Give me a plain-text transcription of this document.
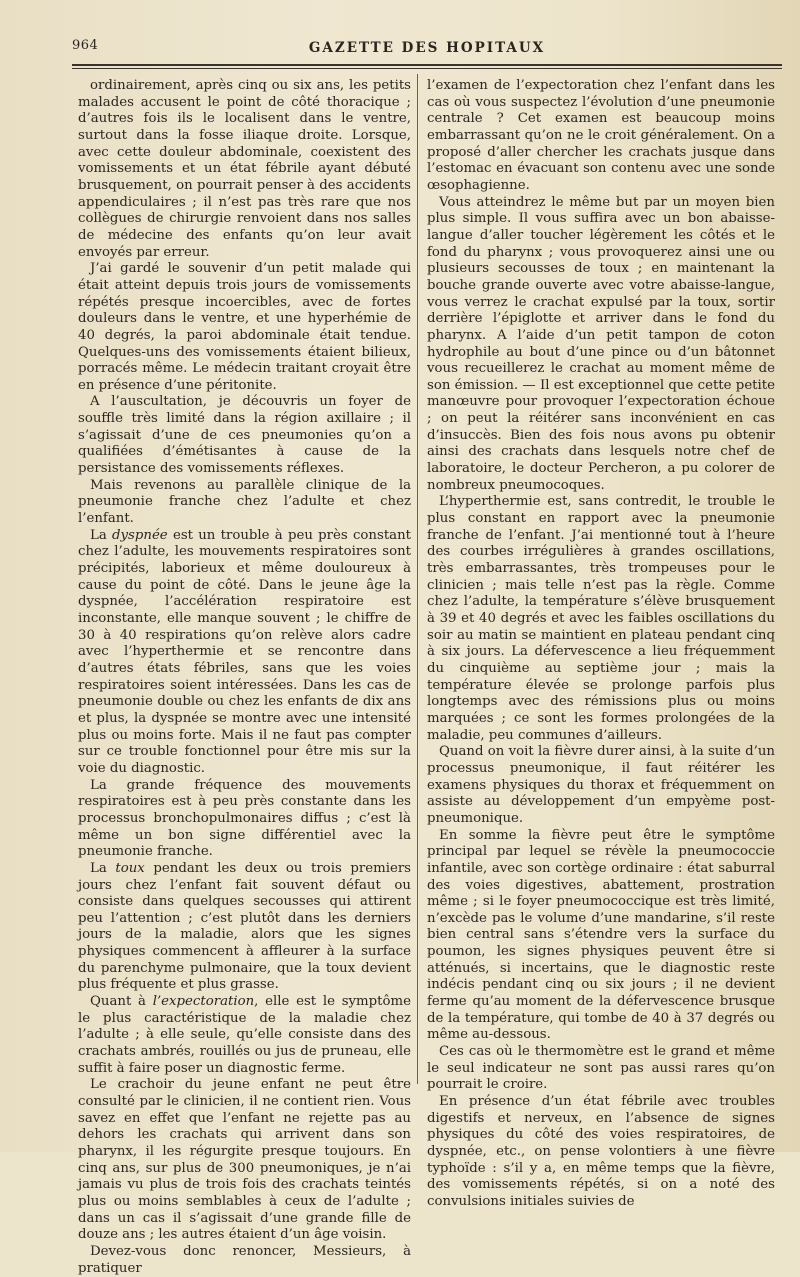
964	GAZETTE DES HOPITAUX

ordinairement, après cinq ou six ans, les petits malades accusent le point de côté thoracique ; d’autres fois ils le localisent dans le ventre, surtout dans la fosse iliaque droite. Lorsque, avec cette douleur abdominale, coexistent des vomissements et un état fébrile ayant débuté brusquement, on pourrait penser à des accidents appendiculaires ; il n’est pas très rare que nos collègues de chirurgie renvoient dans nos salles de médecine des enfants qu’on leur avait envoyés par erreur.

J’ai gardé le souvenir d’un petit malade qui était atteint depuis trois jours de vomissements répétés presque incoercibles, avec de fortes douleurs dans le ventre, et une hyperhémie de 40 degrés, la paroi abdominale était tendue. Quelques-uns des vomissements étaient bilieux, porracés même. Le médecin traitant croyait être en présence d’une péritonite.

A l’auscultation, je découvris un foyer de souffle très limité dans la région axillaire ; il s’agissait d’une de ces pneumonies qu’on a qualifiées d’émétisantes à cause de la persistance des vomissements réflexes.

Mais revenons au parallèle clinique de la pneumonie franche chez l’adulte et chez l’enfant.

La dyspnée est un trouble à peu près constant chez l’adulte, les mouvements respiratoires sont précipités, laborieux et même douloureux à cause du point de côté. Dans le jeune âge la dyspnée, l’accélération respiratoire est inconstante, elle manque souvent ; le chiffre de 30 à 40 respirations qu’on relève alors cadre avec l’hyperthermie et se rencontre dans d’autres états fébriles, sans que les voies respiratoires soient intéressées. Dans les cas de pneumonie double ou chez les enfants de dix ans et plus, la dyspnée se montre avec une intensité plus ou moins forte. Mais il ne faut pas compter sur ce trouble fonctionnel pour être mis sur la voie du diagnostic.

La grande fréquence des mouvements respiratoires est à peu près constante dans les processus bronchopulmonaires diffus ; c’est là même un bon signe différentiel avec la pneumonie franche.

La toux pendant les deux ou trois premiers jours chez l’enfant fait souvent défaut ou consiste dans quelques secousses qui attirent peu l’attention ; c’est plutôt dans les derniers jours de la maladie, alors que les signes physiques commencent à affleurer à la surface du parenchyme pulmonaire, que la toux devient plus fréquente et plus grasse.

Quant à l’expectoration, elle est le symptôme le plus caractéristique de la maladie chez l’adulte ; à elle seule, qu’elle consiste dans des crachats ambrés, rouillés ou jus de pruneau, elle suffit à faire poser un diagnostic ferme.

Le crachoir du jeune enfant ne peut être consulté par le clinicien, il ne contient rien. Vous savez en effet que l’enfant ne rejette pas au dehors les crachats qui arrivent dans son pharynx, il les régurgite presque toujours. En cinq ans, sur plus de 300 pneumoniques, je n’ai jamais vu plus de trois fois des crachats teintés plus ou moins semblables à ceux de l’adulte ; dans un cas il s’agissait d’une grande fille de douze ans ; les autres étaient d’un âge voisin.

Devez-vous donc renoncer, Messieurs, à pratiquer

l’examen de l’expectoration chez l’enfant dans les cas où vous suspectez l’évolution d’une pneumonie centrale ? Cet examen est beaucoup moins embarrassant qu’on ne le croit généralement. On a proposé d’aller chercher les crachats jusque dans l’estomac en évacuant son contenu avec une sonde œsophagienne.

Vous atteindrez le même but par un moyen bien plus simple. Il vous suffira avec un bon abaisse-langue d’aller toucher légèrement les côtés et le fond du pharynx ; vous provoquerez ainsi une ou plusieurs secousses de toux ; en maintenant la bouche grande ouverte avec votre abaisse-langue, vous verrez le crachat expulsé par la toux, sortir derrière l’épiglotte et arriver dans le fond du pharynx. A l’aide d’un petit tampon de coton hydrophile au bout d’une pince ou d’un bâtonnet vous recueillerez le crachat au moment même de son émission. — Il est exceptionnel que cette petite manœuvre pour provoquer l’expectoration échoue ; on peut la réitérer sans inconvénient en cas d’insuccès. Bien des fois nous avons pu obtenir ainsi des crachats dans lesquels notre chef de laboratoire, le docteur Percheron, a pu colorer de nombreux pneumocoques.

L’hyperthermie est, sans contredit, le trouble le plus constant en rapport avec la pneumonie franche de l’enfant. J’ai mentionné tout à l’heure des courbes irrégulières à grandes oscillations, très embarrassantes, très trompeuses pour le clinicien ; mais telle n’est pas la règle. Comme chez l’adulte, la température s’élève brusquement à 39 et 40 degrés et avec les faibles oscillations du soir au matin se maintient en plateau pendant cinq à six jours. La défervescence a lieu fréquemment du cinquième au septième jour ; mais la température élevée se prolonge parfois plus longtemps avec des rémissions plus ou moins marquées ; ce sont les formes prolongées de la maladie, peu communes d’ailleurs.

Quand on voit la fièvre durer ainsi, à la suite d’un processus pneumonique, il faut réitérer les examens physiques du thorax et fréquemment on assiste au développement d’un empyème post-pneumonique.

En somme la fièvre peut être le symptôme principal par lequel se révèle la pneumococcie infantile, avec son cortège ordinaire : état saburral des voies digestives, abattement, prostration même ; si le foyer pneumococcique est très limité, n’excède pas le volume d’une mandarine, s’il reste bien central sans s’étendre vers la surface du poumon, les signes physiques peuvent être si atténués, si incertains, que le diagnostic reste indécis pendant cinq ou six jours ; il ne devient ferme qu’au moment de la défervescence brusque de la température, qui tombe de 40 à 37 degrés ou même au-dessous.

Ces cas où le thermomètre est le grand et même le seul indicateur ne sont pas aussi rares qu’on pourrait le croire.

En présence d’un état fébrile avec troubles digestifs et nerveux, en l’absence de signes physiques du côté des voies respiratoires, de dyspnée, etc., on pense volontiers à une fièvre typhoïde : s’il y a, en même temps que la fièvre, des vomissements répétés, si on a noté des convulsions initiales suivies de
